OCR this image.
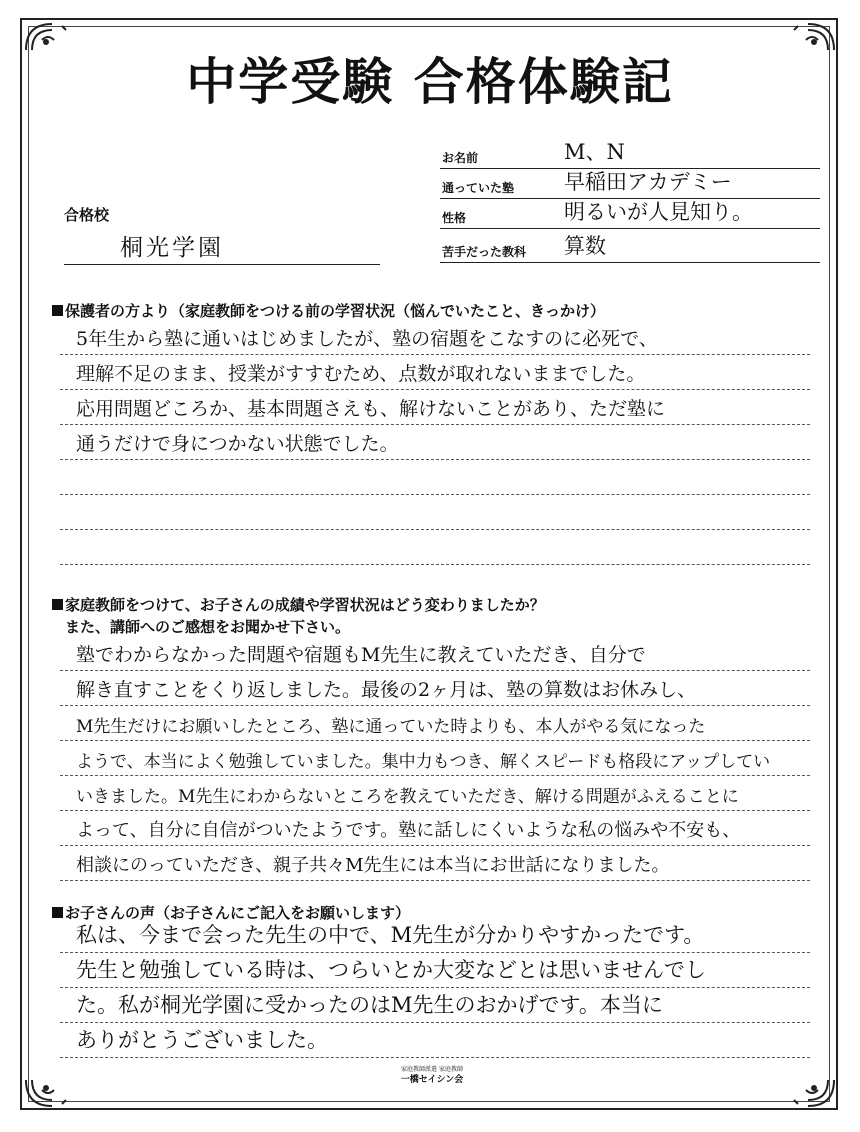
中学受験 合格体験記
お名前	M、N
通っていた塾 早稲田アカデミー
性格	明るいが人見知り。
苦手だった教科 算数
合格校
桐光学園
保護者の方より（家庭教師をつける前の学習状況（悩んでいたこと、きっかけ）
5年生から塾に通いはじめましたが、塾の宿題をこなすのに必死で、
理解不足のまま、授業がすすむため、点数が取れないままでした。
応用問題どころか、基本問題さえも、解けないことがあり、ただ塾に
通うだけで身につかない状態でした。
家庭教師をつけて、お子さんの成績や学習状況はどう変わりましたか？
また、講師へのご感想をお聞かせ下さい。
塾でわからなかった問題や宿題もM先生に教えていただき、自分で
解き直すことをくり返しました。最後の2ヶ月は、塾の算数はお休みし、
M先生だけにお願いしたところ、塾に通っていた時よりも、本人がやる気になった
ようで、本当によく勉強していました。集中力もつき、解くスピードも格段にアップしてい
いきました。M先生にわからないところを教えていただき、解ける問題がふえることに
よって、自分に自信がついたようです。塾に話しにくいような私の悩みや不安も、
相談にのっていただき、親子共々M先生には本当にお世話になりました。
お子さんの声（お子さんにご記入をお願いします）
私は、今まで会った先生の中で、M先生が分かりやすかったです。
先生と勉強している時は、つらいとか大変などとは思いませんでし
た。私が桐光学園に受かったのはM先生のおかげです。本当に
ありがとうございました。
家庭教師派遣 家庭教師
一橋セイシン会
